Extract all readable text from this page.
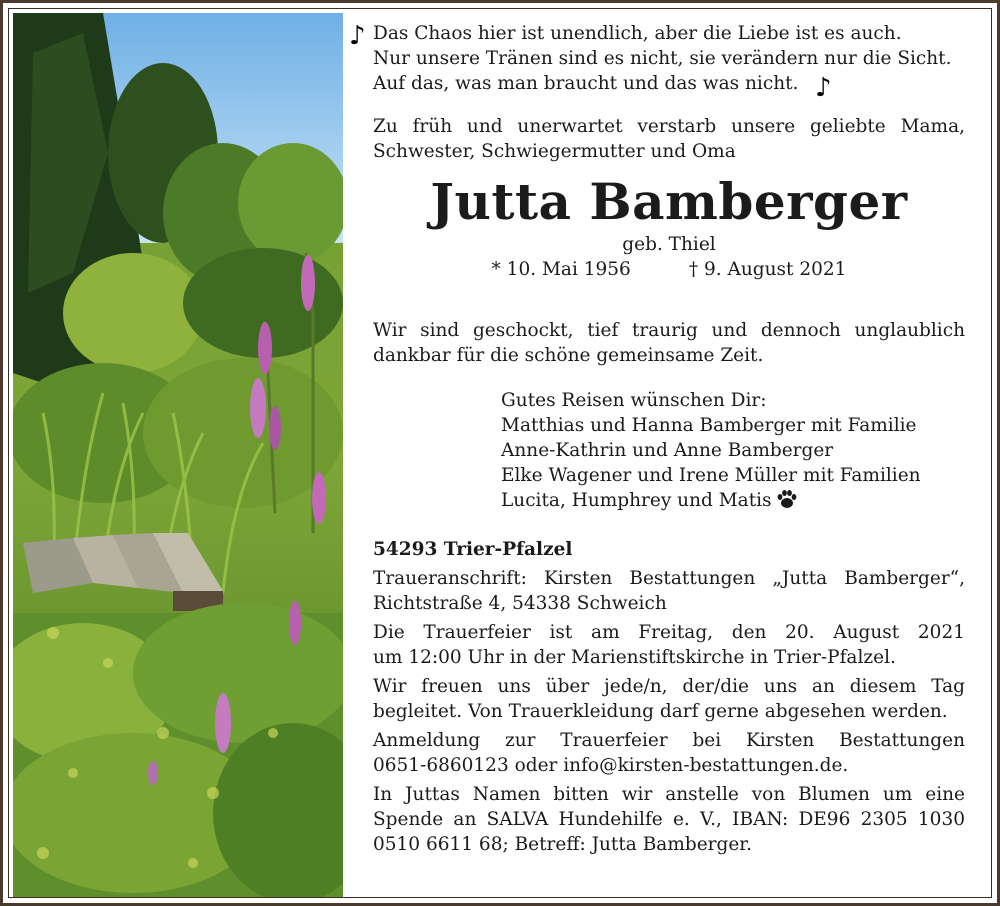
♪
♪
Das Chaos hier ist unendlich, aber die Liebe ist es auch.
Nur unsere Tränen sind es nicht, sie verändern nur die Sicht.
Auf das, was man braucht und das was nicht.
Zu früh und unerwartet verstarb unsere geliebte Mama,
Schwester, Schwiegermutter und Oma
Jutta Bamberger
geb. Thiel
* 10. Mai 1956	† 9. August 2021
Wir sind geschockt, tief traurig und dennoch unglaublich
dankbar für die schöne gemeinsame Zeit.
Gutes Reisen wünschen Dir:
Matthias und Hanna Bamberger mit Familie
Anne-Kathrin und Anne Bamberger
Elke Wagener und Irene Müller mit Familien
Lucita, Humphrey und Matis
54293 Trier-Pfalzel
Traueranschrift: Kirsten Bestattungen „Jutta Bamberger“,
Richtstraße 4, 54338 Schweich
Die Trauerfeier ist am Freitag, den 20. August 2021
um 12:00 Uhr in der Marienstiftskirche in Trier-Pfalzel.
Wir freuen uns über jede/n, der/die uns an diesem Tag
begleitet. Von Trauerkleidung darf gerne abgesehen werden.
Anmeldung zur Trauerfeier bei Kirsten Bestattungen
0651-6860123 oder info@kirsten-bestattungen.de.
In Juttas Namen bitten wir anstelle von Blumen um eine
Spende an SALVA Hundehilfe e. V., IBAN: DE96 2305 1030
0510 6611 68; Betreff: Jutta Bamberger.
